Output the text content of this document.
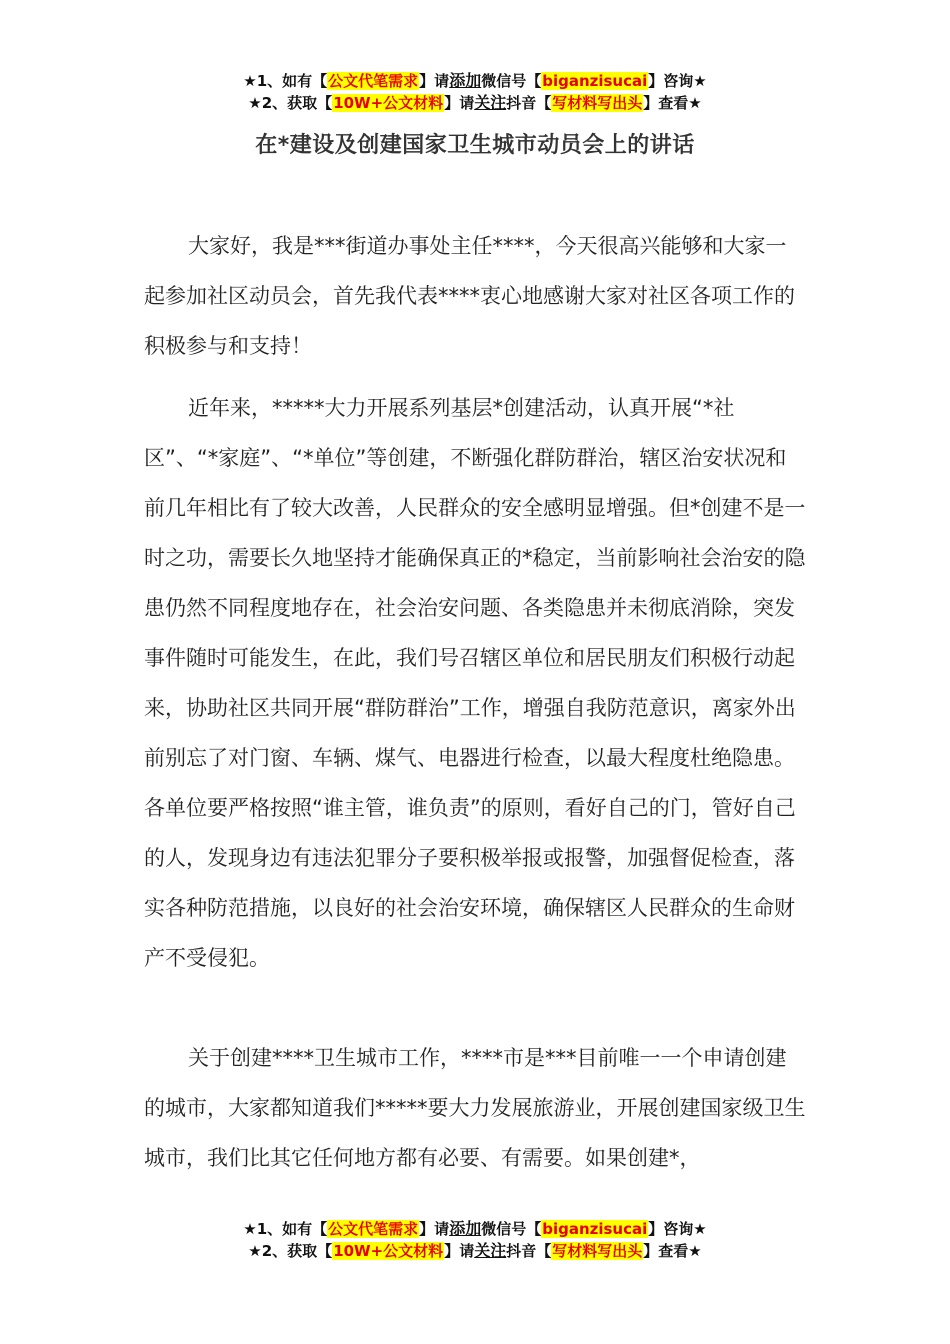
★1、如有【公文代笔需求】请添加微信号【biganzisucai】咨询★
★2、获取【10W+公文材料】请关注抖音【写材料写出头】查看★
在*建设及创建国家卫生城市动员会上的讲话

大家好，我是***街道办事处主任****，今天很高兴能够和大家一起参加社区动员会，首先我代表****衷心地感谢大家对社区各项工作的积极参与和支持！

近年来，*****大力开展系列基层*创建活动，认真开展“*社区”、“*家庭”、“*单位”等创建，不断强化群防群治，辖区治安状况和前几年相比有了较大改善，人民群众的安全感明显增强。但*创建不是一时之功，需要长久地坚持才能确保真正的*稳定，当前影响社会治安的隐患仍然不同程度地存在，社会治安问题、各类隐患并未彻底消除，突发事件随时可能发生，在此，我们号召辖区单位和居民朋友们积极行动起来，协助社区共同开展“群防群治”工作，增强自我防范意识，离家外出前别忘了对门窗、车辆、煤气、电器进行检查，以最大程度杜绝隐患。各单位要严格按照“谁主管，谁负责”的原则，看好自己的门，管好自己的人，发现身边有违法犯罪分子要积极举报或报警，加强督促检查，落实各种防范措施，以良好的社会治安环境，确保辖区人民群众的生命财产不受侵犯。

关于创建****卫生城市工作，****市是***目前唯一一个申请创建的城市，大家都知道我们*****要大力发展旅游业，开展创建国家级卫生城市，我们比其它任何地方都有必要、有需要。如果创建*，

★1、如有【公文代笔需求】请添加微信号【biganzisucai】咨询★
★2、获取【10W+公文材料】请关注抖音【写材料写出头】查看★
